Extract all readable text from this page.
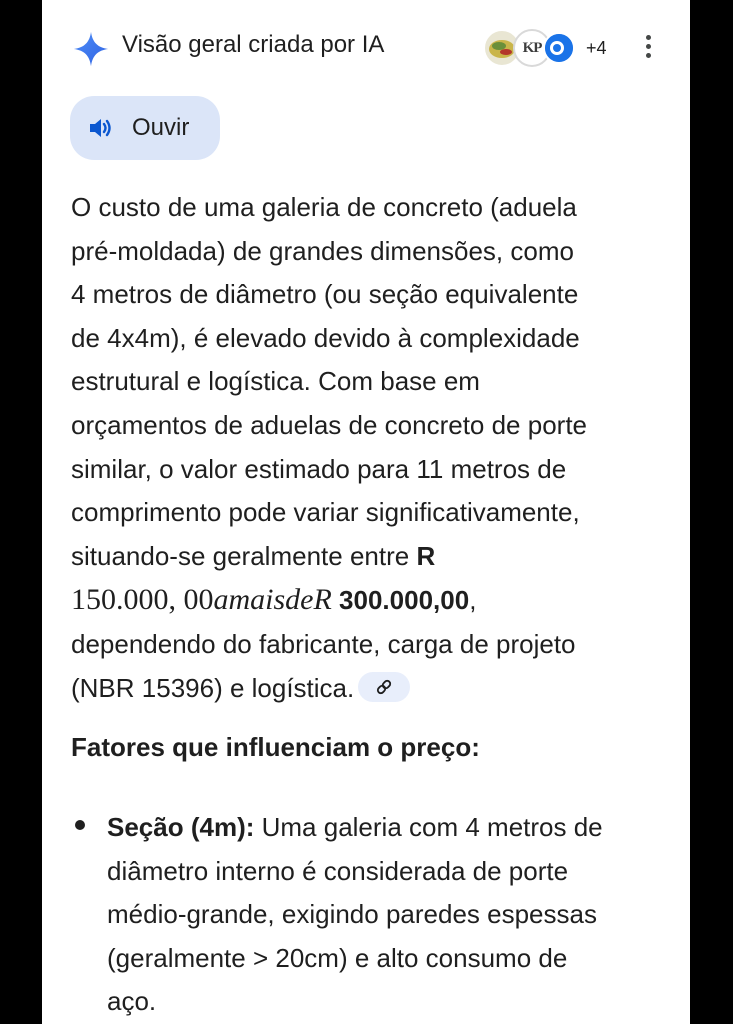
Visão geral criada por IA	KP	+4
Ouvir

O custo de uma galeria de concreto (aduela
pré-moldada) de grandes dimensões, como
4 metros de diâmetro (ou seção equivalente
de 4x4m), é elevado devido à complexidade
estrutural e logística. Com base em
orçamentos de aduelas de concreto de porte
similar, o valor estimado para 11 metros de
comprimento pode variar significativamente,
situando-se geralmente entre R
150.000, 00amaisdeR 300.000,00,
dependendo do fabricante, carga de projeto
(NBR 15396) e logística.

Fatores que influenciam o preço:
Seção (4m): Uma galeria com 4 metros de
diâmetro interno é considerada de porte
médio-grande, exigindo paredes espessas
(geralmente > 20cm) e alto consumo de
aço.
